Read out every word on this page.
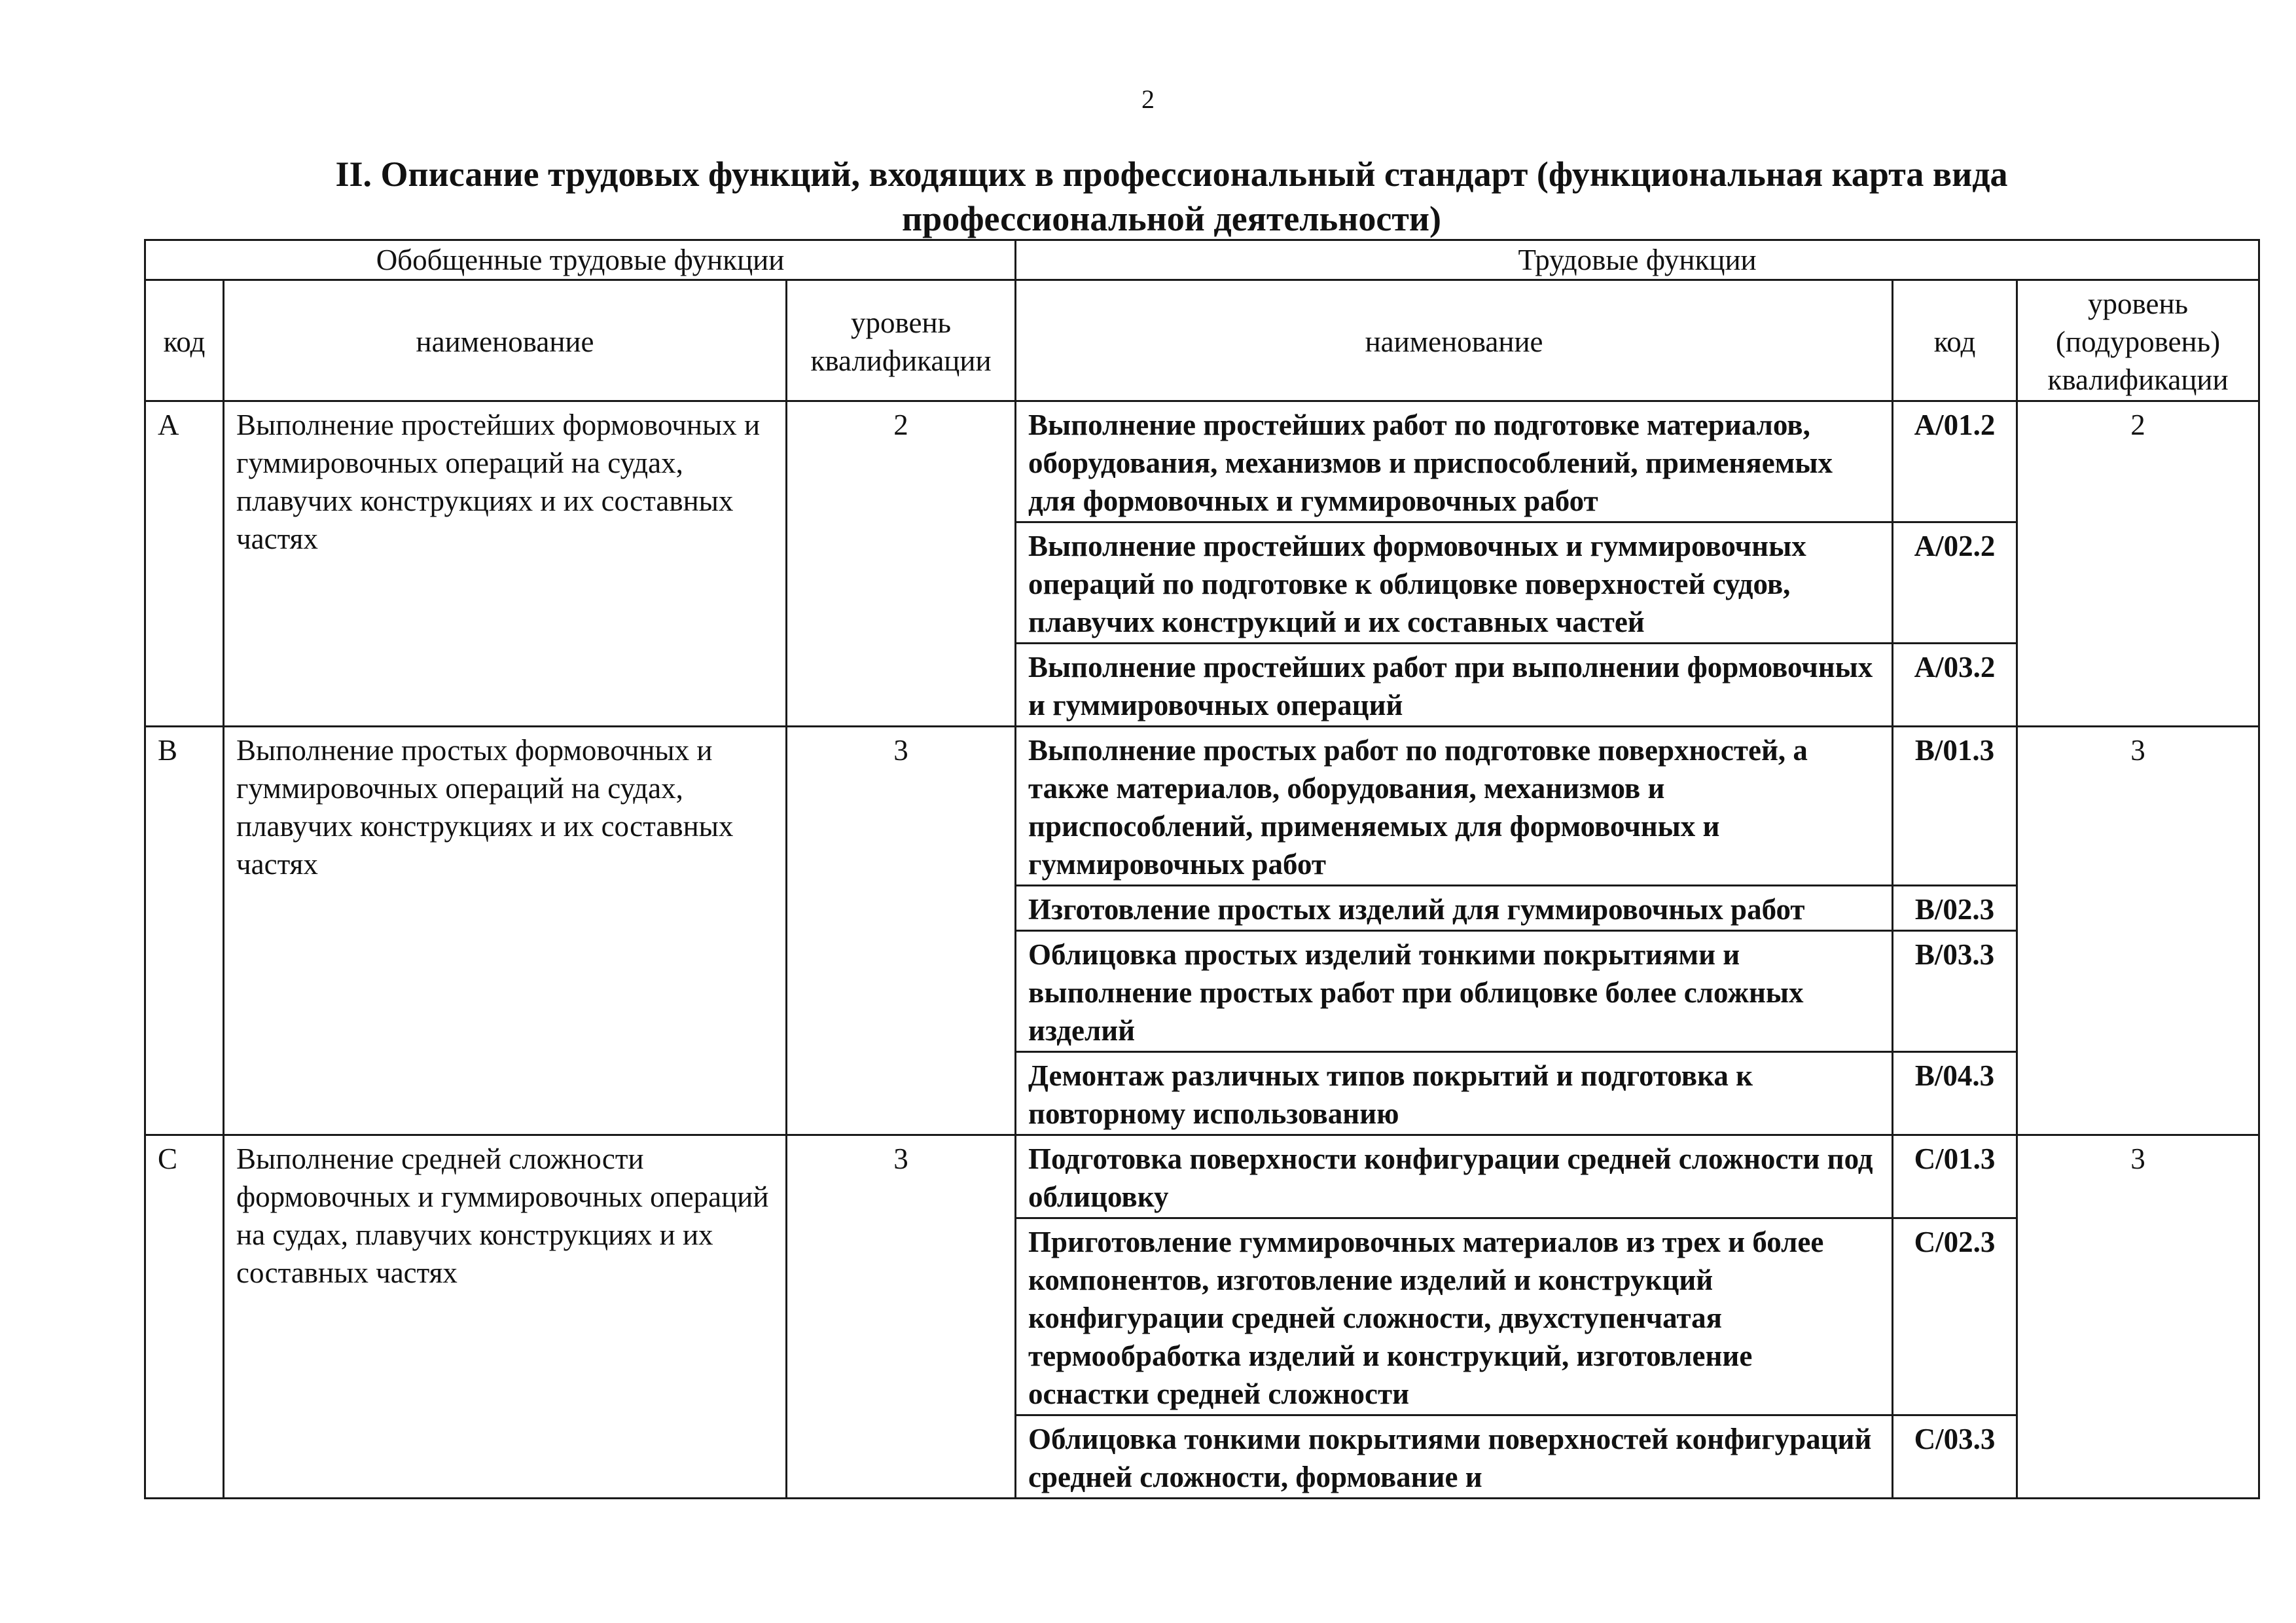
2
II. Описание трудовых функций, входящих в профессиональный стандарт (функциональная карта вида профессиональной деятельности)
Обобщенные трудовые функции			Трудовые функции		
код	наименование	уровень квалификации	наименование	код	уровень (подуровень) квалификации
A	Выполнение простейших формовочных и гуммировочных операций на судах, плавучих конструкциях и их составных частях	2	Выполнение простейших работ по подготовке материалов, оборудования, механизмов и приспособлений, применяемых для формовочных и гуммировочных работ	A/01.2	2
			Выполнение простейших формовочных и гуммировочных операций по подготовке к облицовке поверхностей судов, плавучих конструкций и их составных частей	A/02.2	
			Выполнение простейших работ при выполнении формовочных и гуммировочных операций	A/03.2	
B	Выполнение простых формовочных и гуммировочных операций на судах, плавучих конструкциях и их составных частях	3	Выполнение простых работ по подготовке поверхностей, а также материалов, оборудования, механизмов и приспособлений, применяемых для формовочных и гуммировочных работ	B/01.3	3
			Изготовление простых изделий для гуммировочных работ	B/02.3	
			Облицовка простых изделий тонкими покрытиями и выполнение простых работ при облицовке более сложных изделий	B/03.3	
			Демонтаж различных типов покрытий и подготовка к повторному использованию	B/04.3	
C	Выполнение средней сложности формовочных и гуммировочных операций на судах, плавучих конструкциях и их составных частях	3	Подготовка поверхности конфигурации средней сложности под облицовку	C/01.3	3
			Приготовление гуммировочных материалов из трех и более компонентов, изготовление изделий и конструкций конфигурации средней сложности, двухступенчатая термообработка изделий и конструкций, изготовление оснастки средней сложности	C/02.3	
			Облицовка тонкими покрытиями поверхностей конфигураций средней сложности, формование и	C/03.3	
